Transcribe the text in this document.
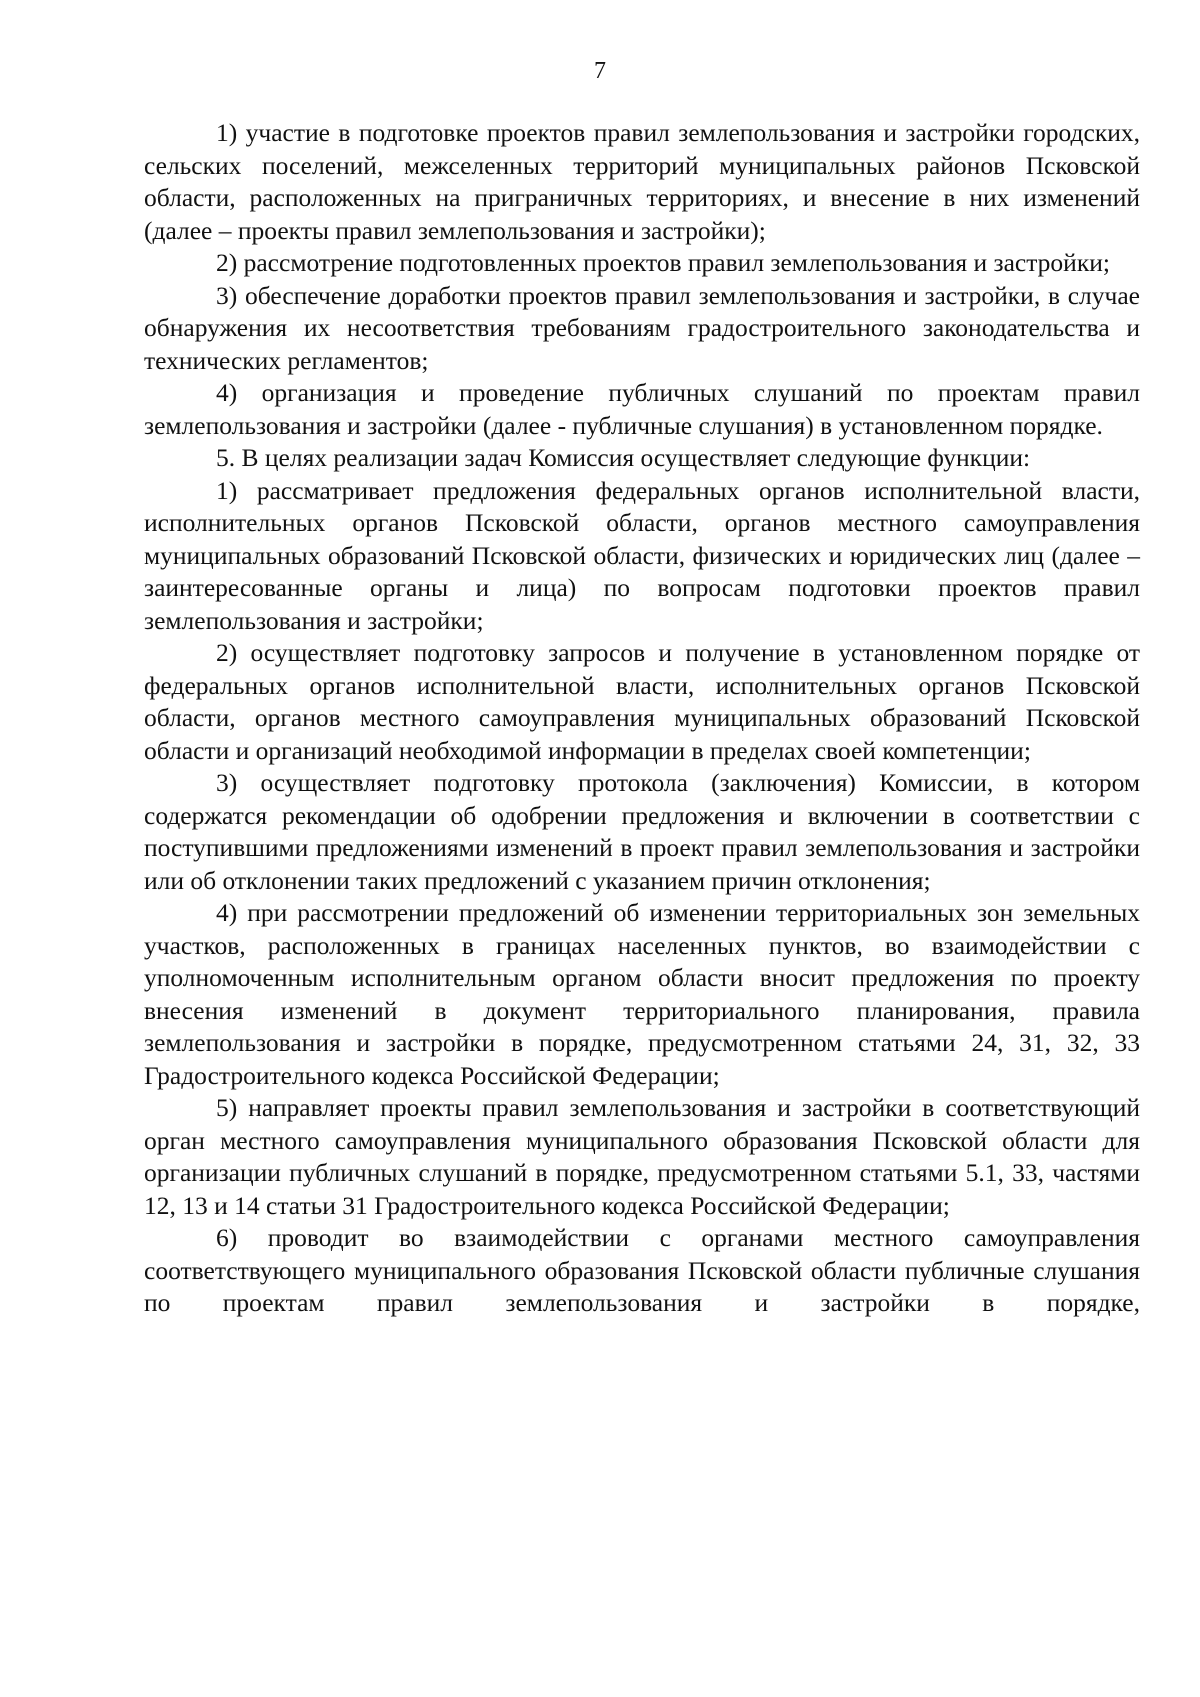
7

1) участие в подготовке проектов правил землепользования и застройки городских, сельских поселений, межселенных территорий муниципальных районов Псковской области, расположенных на приграничных территориях, и внесение в них изменений (далее – проекты правил землепользования и застройки);

2) рассмотрение подготовленных проектов правил землепользования и застройки;

3) обеспечение доработки проектов правил землепользования и застройки, в случае обнаружения их несоответствия требованиям градостроительного законодательства и технических регламентов;

4) организация и проведение публичных слушаний по проектам правил землепользования и застройки (далее - публичные слушания) в установленном порядке.

5. В целях реализации задач Комиссия осуществляет следующие функции:

1) рассматривает предложения федеральных органов исполнительной власти, исполнительных органов Псковской области, органов местного самоуправления муниципальных образований Псковской области, физических и юридических лиц (далее – заинтересованные органы и лица) по вопросам подготовки проектов правил землепользования и застройки;

2) осуществляет подготовку запросов и получение в установленном порядке от федеральных органов исполнительной власти, исполнительных органов Псковской области, органов местного самоуправления муниципальных образований Псковской области и организаций необходимой информации в пределах своей компетенции;

3) осуществляет подготовку протокола (заключения) Комиссии, в котором содержатся рекомендации об одобрении предложения и включении в соответствии с поступившими предложениями изменений в проект правил землепользования и застройки или об отклонении таких предложений с указанием причин отклонения;

4) при рассмотрении предложений об изменении территориальных зон земельных участков, расположенных в границах населенных пунктов, во взаимодействии с уполномоченным исполнительным органом области вносит предложения по проекту внесения изменений в документ территориального планирования, правила землепользования и застройки в порядке, предусмотренном статьями 24, 31, 32, 33 Градостроительного кодекса Российской Федерации;

5) направляет проекты правил землепользования и застройки в соответствующий орган местного самоуправления муниципального образования Псковской области для организации публичных слушаний в порядке, предусмотренном статьями 5.1, 33, частями 12, 13 и 14 статьи 31 Градостроительного кодекса Российской Федерации;

6) проводит во взаимодействии с органами местного самоуправления соответствующего муниципального образования Псковской области публичные слушания по проектам правил землепользования и застройки в порядке,
